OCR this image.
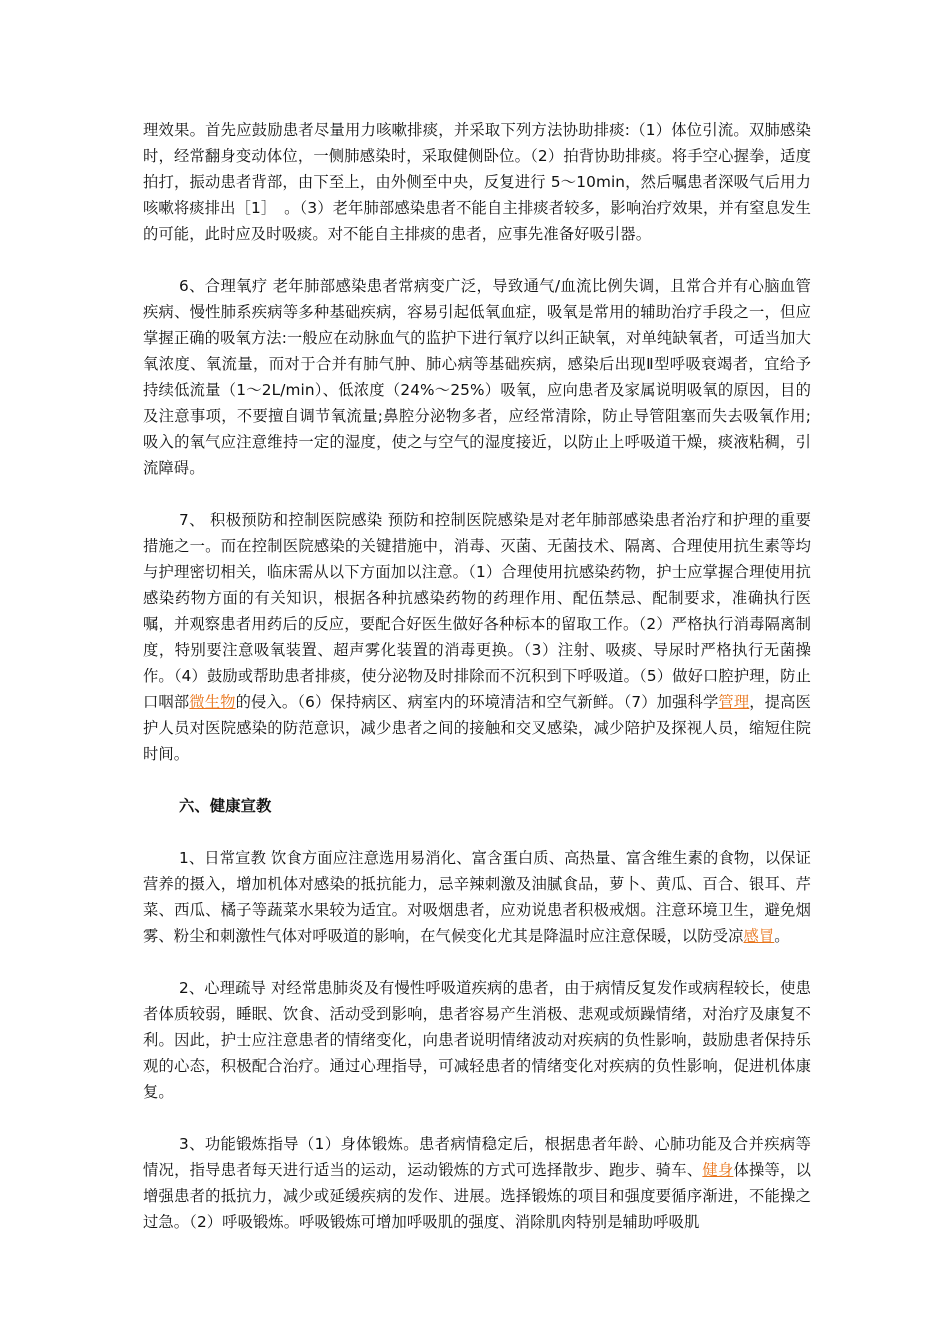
理效果。首先应鼓励患者尽量用力咳嗽排痰，并采取下列方法协助排痰:（1）体位引流。双肺感染时，经常翻身变动体位，一侧肺感染时，采取健侧卧位。（2）拍背协助排痰。将手空心握拳，适度拍打，振动患者背部，由下至上，由外侧至中央，反复进行 5～10min，然后嘱患者深吸气后用力咳嗽将痰排出［1］　。（3）老年肺部感染患者不能自主排痰者较多，影响治疗效果，并有窒息发生的可能，此时应及时吸痰。对不能自主排痰的患者，应事先准备好吸引器。

6、合理氧疗 老年肺部感染患者常病变广泛，导致通气/血流比例失调，且常合并有心脑血管疾病、慢性肺系疾病等多种基础疾病，容易引起低氧血症，吸氧是常用的辅助治疗手段之一，但应掌握正确的吸氧方法:一般应在动脉血气的监护下进行氧疗以纠正缺氧，对单纯缺氧者，可适当加大氧浓度、氧流量，而对于合并有肺气肿、肺心病等基础疾病，感染后出现Ⅱ型呼吸衰竭者，宜给予持续低流量（1～2L/min）、低浓度（24%～25%）吸氧，应向患者及家属说明吸氧的原因，目的及注意事项，不要擅自调节氧流量;鼻腔分泌物多者，应经常清除，防止导管阻塞而失去吸氧作用;吸入的氧气应注意维持一定的湿度，使之与空气的湿度接近，以防止上呼吸道干燥，痰液粘稠，引流障碍。

7、 积极预防和控制医院感染 预防和控制医院感染是对老年肺部感染患者治疗和护理的重要措施之一。而在控制医院感染的关键措施中，消毒、灭菌、无菌技术、隔离、合理使用抗生素等均与护理密切相关，临床需从以下方面加以注意。（1）合理使用抗感染药物，护士应掌握合理使用抗感染药物方面的有关知识，根据各种抗感染药物的药理作用、配伍禁忌、配制要求，准确执行医嘱，并观察患者用药后的反应，要配合好医生做好各种标本的留取工作。（2）严格执行消毒隔离制度，特别要注意吸氧装置、超声雾化装置的消毒更换。（3）注射、吸痰、导尿时严格执行无菌操作。（4）鼓励或帮助患者排痰，使分泌物及时排除而不沉积到下呼吸道。（5）做好口腔护理，防止口咽部微生物的侵入。（6）保持病区、病室内的环境清洁和空气新鲜。（7）加强科学管理，提高医护人员对医院感染的防范意识，减少患者之间的接触和交叉感染，减少陪护及探视人员，缩短住院时间。

六、健康宣教

1、日常宣教 饮食方面应注意选用易消化、富含蛋白质、高热量、富含维生素的食物，以保证营养的摄入，增加机体对感染的抵抗能力，忌辛辣刺激及油腻食品，萝卜、黄瓜、百合、银耳、芹菜、西瓜、橘子等蔬菜水果较为适宜。对吸烟患者，应劝说患者积极戒烟。注意环境卫生，避免烟雾、粉尘和刺激性气体对呼吸道的影响，在气候变化尤其是降温时应注意保暖，以防受凉感冒。

2、心理疏导 对经常患肺炎及有慢性呼吸道疾病的患者，由于病情反复发作或病程较长，使患者体质较弱，睡眠、饮食、活动受到影响，患者容易产生消极、悲观或烦躁情绪，对治疗及康复不利。因此，护士应注意患者的情绪变化，向患者说明情绪波动对疾病的负性影响，鼓励患者保持乐观的心态，积极配合治疗。通过心理指导，可减轻患者的情绪变化对疾病的负性影响，促进机体康复。

3、功能锻炼指导（1）身体锻炼。患者病情稳定后，根据患者年龄、心肺功能及合并疾病等情况，指导患者每天进行适当的运动，运动锻炼的方式可选择散步、跑步、骑车、健身体操等，以增强患者的抵抗力，减少或延缓疾病的发作、进展。选择锻炼的项目和强度要循序渐进，不能操之过急。（2）呼吸锻炼。呼吸锻炼可增加呼吸肌的强度、消除肌肉特别是辅助呼吸肌
